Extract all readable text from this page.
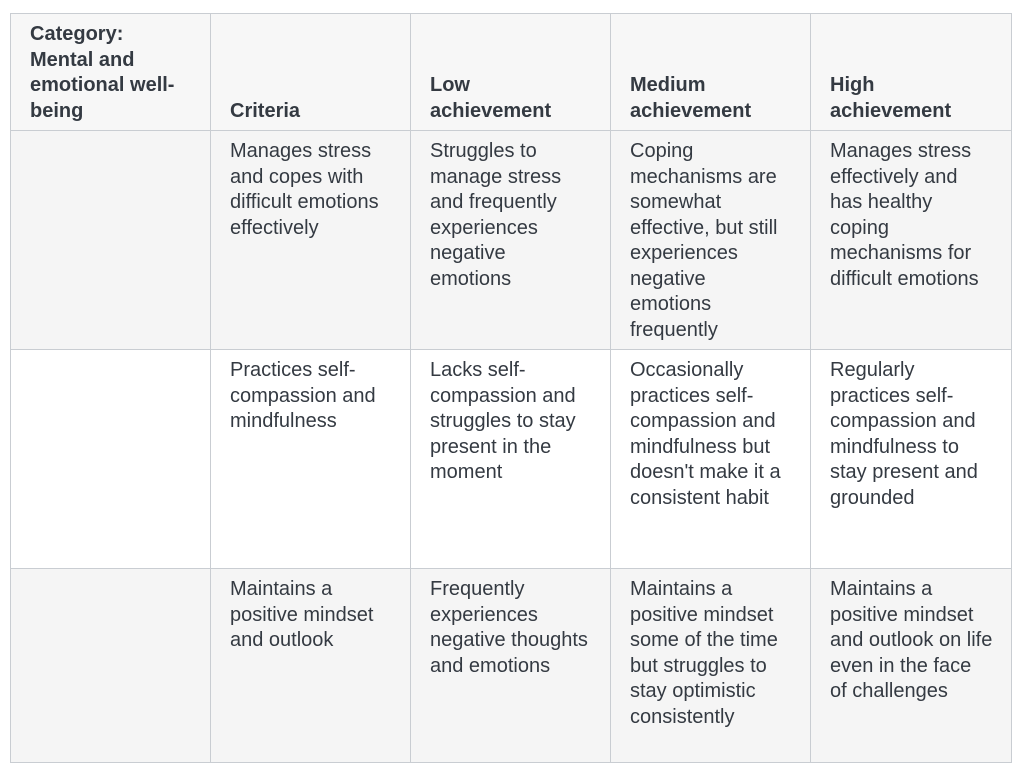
Category: Mental and emotional well-being	Criteria	Low achievement	Medium achievement	High achievement
	Manages stress and copes with difficult emotions effectively	Struggles to manage stress and frequently experiences negative emotions	Coping mechanisms are somewhat effective, but still experiences negative emotions frequently	Manages stress effectively and has healthy coping mechanisms for difficult emotions
	Practices self-compassion and mindfulness	Lacks self-compassion and struggles to stay present in the moment	Occasionally practices self-compassion and mindfulness but doesn't make it a consistent habit	Regularly practices self-compassion and mindfulness to stay present and grounded
	Maintains a positive mindset and outlook	Frequently experiences negative thoughts and emotions	Maintains a positive mindset some of the time but struggles to stay optimistic consistently	Maintains a positive mindset and outlook on life even in the face of challenges
